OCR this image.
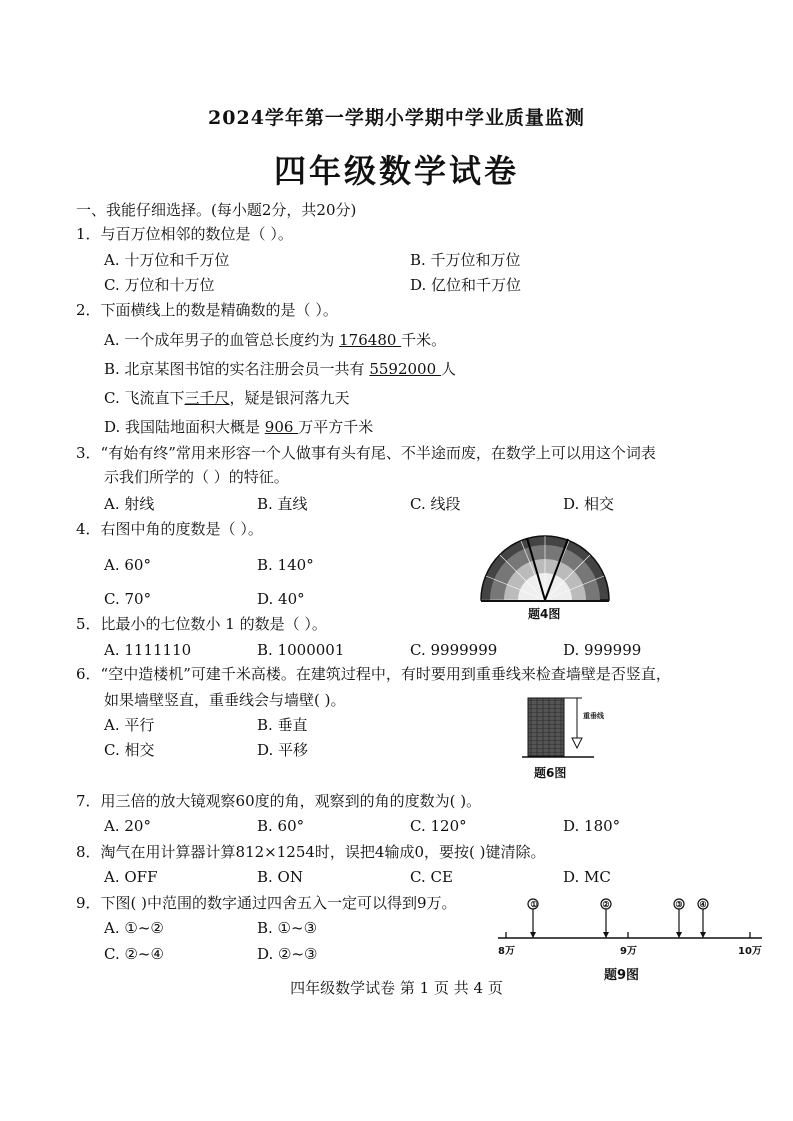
2024学年第一学期小学期中学业质量监测
四年级数学试卷
一、我能仔细选择。(每小题2分，共20分)
1．与百万位相邻的数位是（ ）。
A. 十万位和千万位	B. 千万位和万位
C. 万位和十万位	D. 亿位和千万位
2．下面横线上的数是精确数的是（ ）。
A. 一个成年男子的血管总长度约为 176480 千米。
B. 北京某图书馆的实名注册会员一共有 5592000 人
C. 飞流直下三千尺，疑是银河落九天
D. 我国陆地面积大概是 906 万平方千米
3．“有始有终”常用来形容一个人做事有头有尾、不半途而废，在数学上可以用这个词表
示我们所学的（ ）的特征。
A. 射线	B. 直线	C. 线段	D. 相交
4．右图中角的度数是（ ）。
A. 60°	B. 140°
C. 70°	D. 40°
题4图
5．比最小的七位数小 1 的数是（ ）。
A. 1111110	B. 1000001	C. 9999999	D. 999999
6．“空中造楼机”可建千米高楼。在建筑过程中，有时要用到重垂线来检查墙壁是否竖直，
如果墙壁竖直，重垂线会与墙壁( )。
A. 平行	B. 垂直
C. 相交	D. 平移
重垂线
题6图
7．用三倍的放大镜观察60度的角，观察到的角的度数为( )。
A. 20°	B. 60°	C. 120°	D. 180°
8．淘气在用计算器计算812×1254时，误把4输成0，要按( )键清除。
A. OFF	B. ON	C. CE	D. MC
9．下图( )中范围的数字通过四舍五入一定可以得到9万。
A. ①~②	B. ①~③
C. ②~④	D. ②~③
①	②	③ ④
8万	9万	10万
题9图
四年级数学试卷 第 1 页 共 4 页
